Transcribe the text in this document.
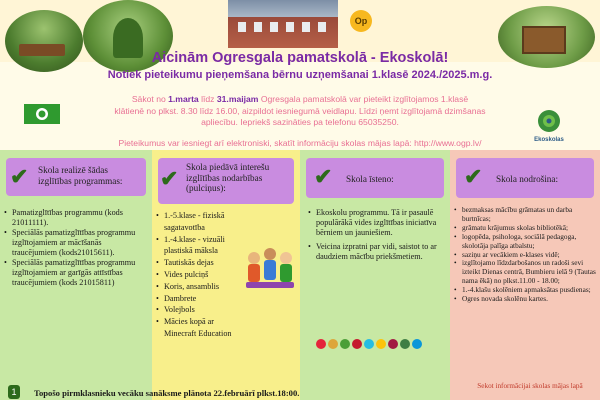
Op
Aicinām Ogresgala pamatskolā - Ekoskolā!
Notiek pieteikumu pieņemšana bērnu uzņemšanai 1.klasē 2024./2025.m.g.
Ekoskolas
Sākot no 1.marta līdz 31.maijam Ogresgala pamatskolā var pieteikt izglītojamos 1.klasē
klātienē no plkst. 8.30 līdz 16.00, aizpildot iesniegumā veidlapu. Līdzi ņemt izglītojamā dzimšanas
apliecību. Iepriekš sazināties pa telefonu 65035250.
Pieteikumus var iesniegt arī elektroniski, skatīt informāciju skolas mājas lapā: http://www.ogp.lv/
✔ Skola realizē šādas izglītības programmas:
• Pamatizglītības programmu (kods 21011111).
• Speciālās pamatizglītības programmu izglītojamiem ar mācīšanās traucējumiem (kods21015611).
• Speciālās pamatizglītības programmu izglītojamiem ar garīgās attīstības traucējumiem (kods 21015811)
✔ Skola piedāvā interešu izglītības nodarbības (pulciņus):
• 1.-5.klase - fiziskā sagatavotība
• 1.-4.klase - vizuāli plastiskā māksla
• Tautiskās dejas
• Vides pulciņš
• Koris, ansamblis
• Dambrete
• Volejbols
• Mācies kopā ar Minecraft Education
✔ Skola īsteno:
• Ekoskolu programmu. Tā ir pasaulē populārākā vides izglītības iniciatīva bērniem un jauniešiem.
• Veicina izpratni par vidi, saistot to ar daudziem mācību priekšmetiem.
✔ Skola nodrošina:
• bezmaksas mācību grāmatas un darba burtnīcas;
• grāmatu krājumus skolas bibliotēkā;
• logopēda, psihologa, sociālā pedagoga, skolotāja palīga atbalstu;
• saziņu ar vecākiem e-klases vidē;
• izglītojamo līdzdarbošanos un radoši sevi izteikt Dienas centrā, Bumbieru ielā 9 (Tautas nama ēkā) no plkst.11.00 - 18.00;
• 1.-4.klašu skolēniem apmaksātas pusdienas;
• Ogres novada skolēnu kartes.
1	Topošo pirmklasnieku vecāku sanāksme plānota 22.februārī plkst.18:00.
Sekot informācijai skolas mājas lapā
